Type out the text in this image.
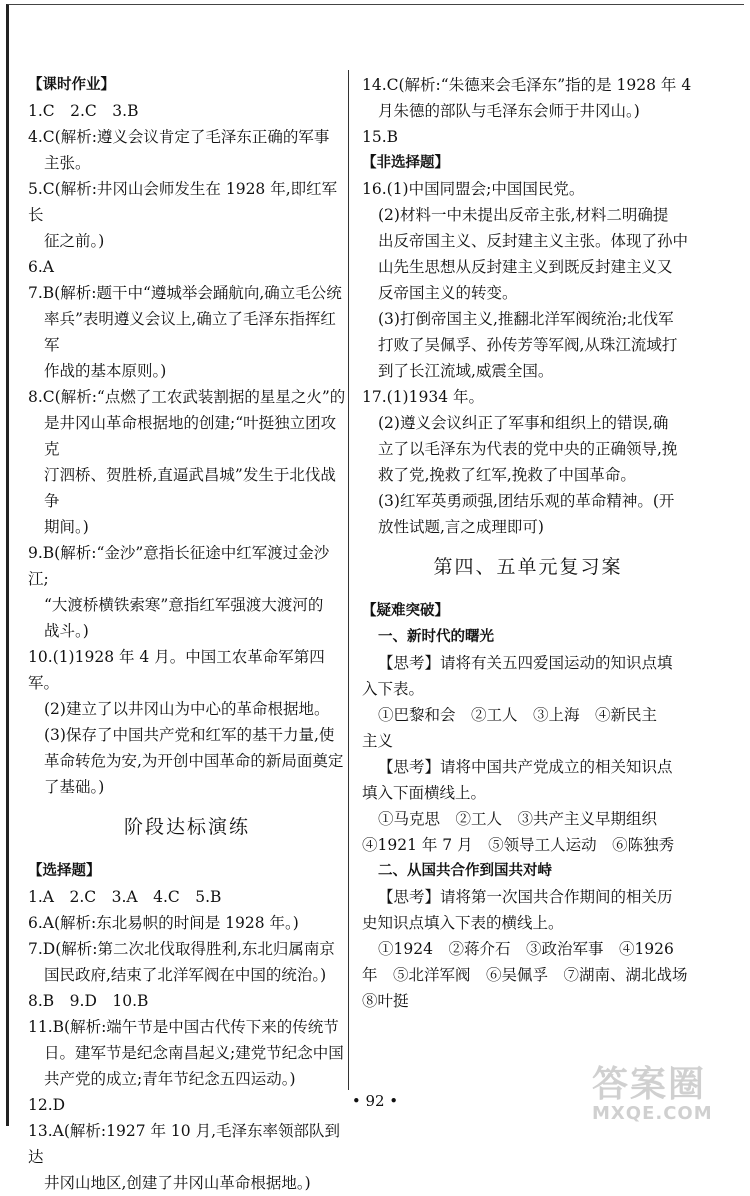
【课时作业】
1.C　2.C　3.B
4.C(解析:遵义会议肯定了毛泽东正确的军事
主张。
5.C(解析:井冈山会师发生在 1928 年,即红军长
征之前。)
6.A
7.B(解析:题干中“遵城举会踊航向,确立毛公统
率兵”表明遵义会议上,确立了毛泽东指挥红军
作战的基本原则。)
8.C(解析:“点燃了工农武装割据的星星之火”的
是井冈山革命根据地的创建;“叶挺独立团攻克
汀泗桥、贺胜桥,直逼武昌城”发生于北伐战争
期间。)
9.B(解析:“金沙”意指长征途中红军渡过金沙江;
“大渡桥横铁索寒”意指红军强渡大渡河的
战斗。)
10.(1)1928 年 4 月。中国工农革命军第四军。
(2)建立了以井冈山为中心的革命根据地。
(3)保存了中国共产党和红军的基干力量,使
革命转危为安,为开创中国革命的新局面奠定
了基础。)
阶段达标演练
【选择题】
1.A　2.C　3.A　4.C　5.B
6.A(解析:东北易帜的时间是 1928 年。)
7.D(解析:第二次北伐取得胜利,东北归属南京
国民政府,结束了北洋军阀在中国的统治。)
8.B　9.D　10.B
11.B(解析:端午节是中国古代传下来的传统节
日。建军节是纪念南昌起义;建党节纪念中国
共产党的成立;青年节纪念五四运动。)
12.D
13.A(解析:1927 年 10 月,毛泽东率领部队到达
井冈山地区,创建了井冈山革命根据地。)
14.C(解析:“朱德来会毛泽东”指的是 1928 年 4
月朱德的部队与毛泽东会师于井冈山。)
15.B
【非选择题】
16.(1)中国同盟会;中国国民党。
(2)材料一中未提出反帝主张,材料二明确提
出反帝国主义、反封建主义主张。体现了孙中
山先生思想从反封建主义到既反封建主义又
反帝国主义的转变。
(3)打倒帝国主义,推翻北洋军阀统治;北伐军
打败了吴佩孚、孙传芳等军阀,从珠江流域打
到了长江流域,威震全国。
17.(1)1934 年。
(2)遵义会议纠正了军事和组织上的错误,确
立了以毛泽东为代表的党中央的正确领导,挽
救了党,挽救了红军,挽救了中国革命。
(3)红军英勇顽强,团结乐观的革命精神。(开
放性试题,言之成理即可)
第四、五单元复习案
【疑难突破】
一、新时代的曙光
【思考】请将有关五四爱国运动的知识点填
入下表。
①巴黎和会　②工人　③上海　④新民主
主义
【思考】请将中国共产党成立的相关知识点
填入下面横线上。
①马克思　②工人　③共产主义早期组织
④1921 年 7 月　⑤领导工人运动　⑥陈独秀
二、从国共合作到国共对峙
【思考】请将第一次国共合作期间的相关历
史知识点填入下表的横线上。
①1924　②蒋介石　③政治军事　④1926
年　⑤北洋军阀　⑥吴佩孚　⑦湖南、湖北战场
⑧叶挺
• 92 •	答案圈
MXQE.COM
